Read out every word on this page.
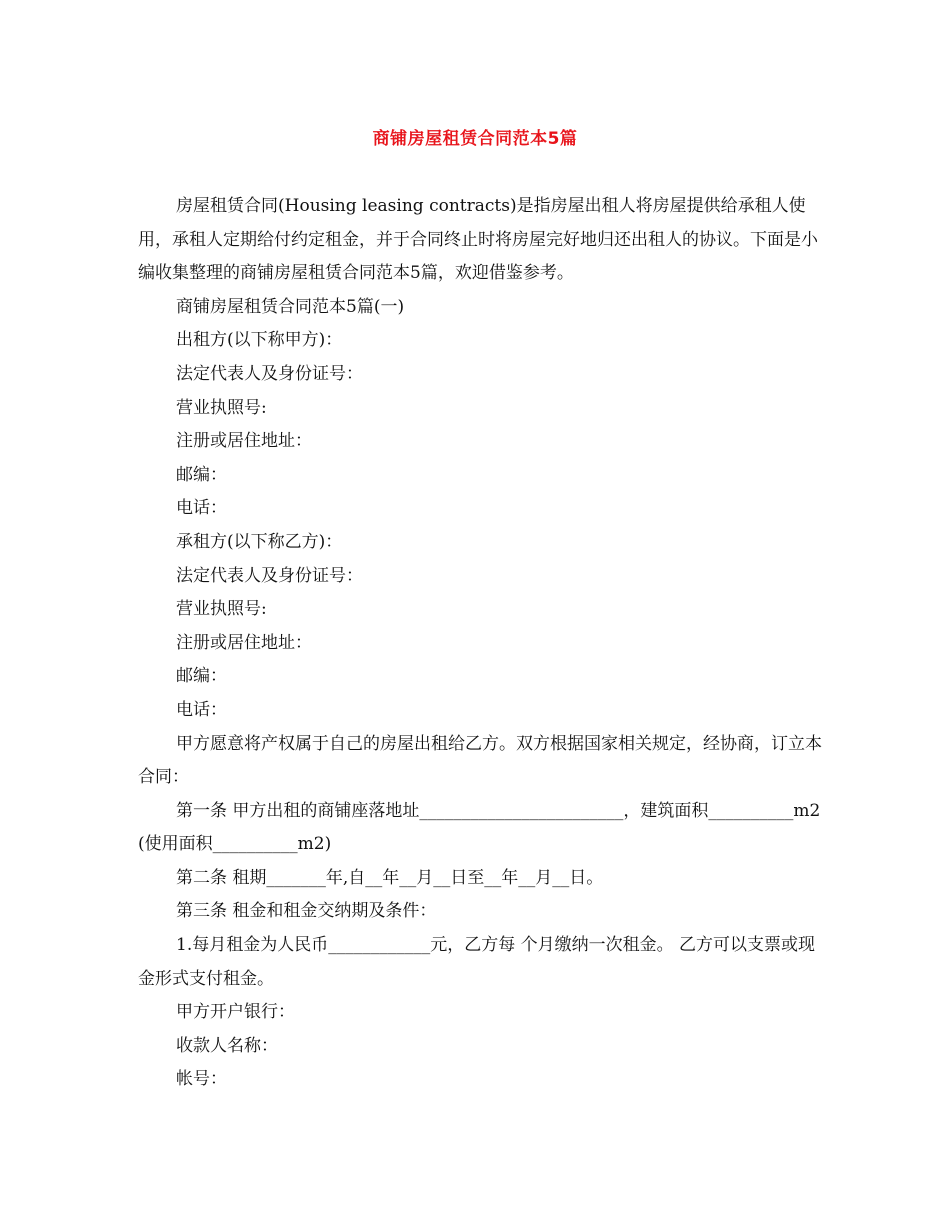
商铺房屋租赁合同范本5篇

房屋租赁合同(Housing leasing contracts)是指房屋出租人将房屋提供给承租人使用，承租人定期给付约定租金，并于合同终止时将房屋完好地归还出租人的协议。下面是小编收集整理的商铺房屋租赁合同范本5篇，欢迎借鉴参考。

商铺房屋租赁合同范本5篇(一)

出租方(以下称甲方)：

法定代表人及身份证号：

营业执照号:

注册或居住地址：

邮编：

电话：

承租方(以下称乙方)：

法定代表人及身份证号：

营业执照号:

注册或居住地址：

邮编：

电话：

甲方愿意将产权属于自己的房屋出租给乙方。双方根据国家相关规定，经协商，订立本合同：

第一条 甲方出租的商铺座落地址________________________，建筑面积__________m2(使用面积__________m2)

第二条 租期_______年,自__年__月__日至__年__月__日。

第三条 租金和租金交纳期及条件：

1.每月租金为人民币____________元，乙方每 个月缴纳一次租金。 乙方可以支票或现金形式支付租金。

甲方开户银行：

收款人名称：

帐号：
